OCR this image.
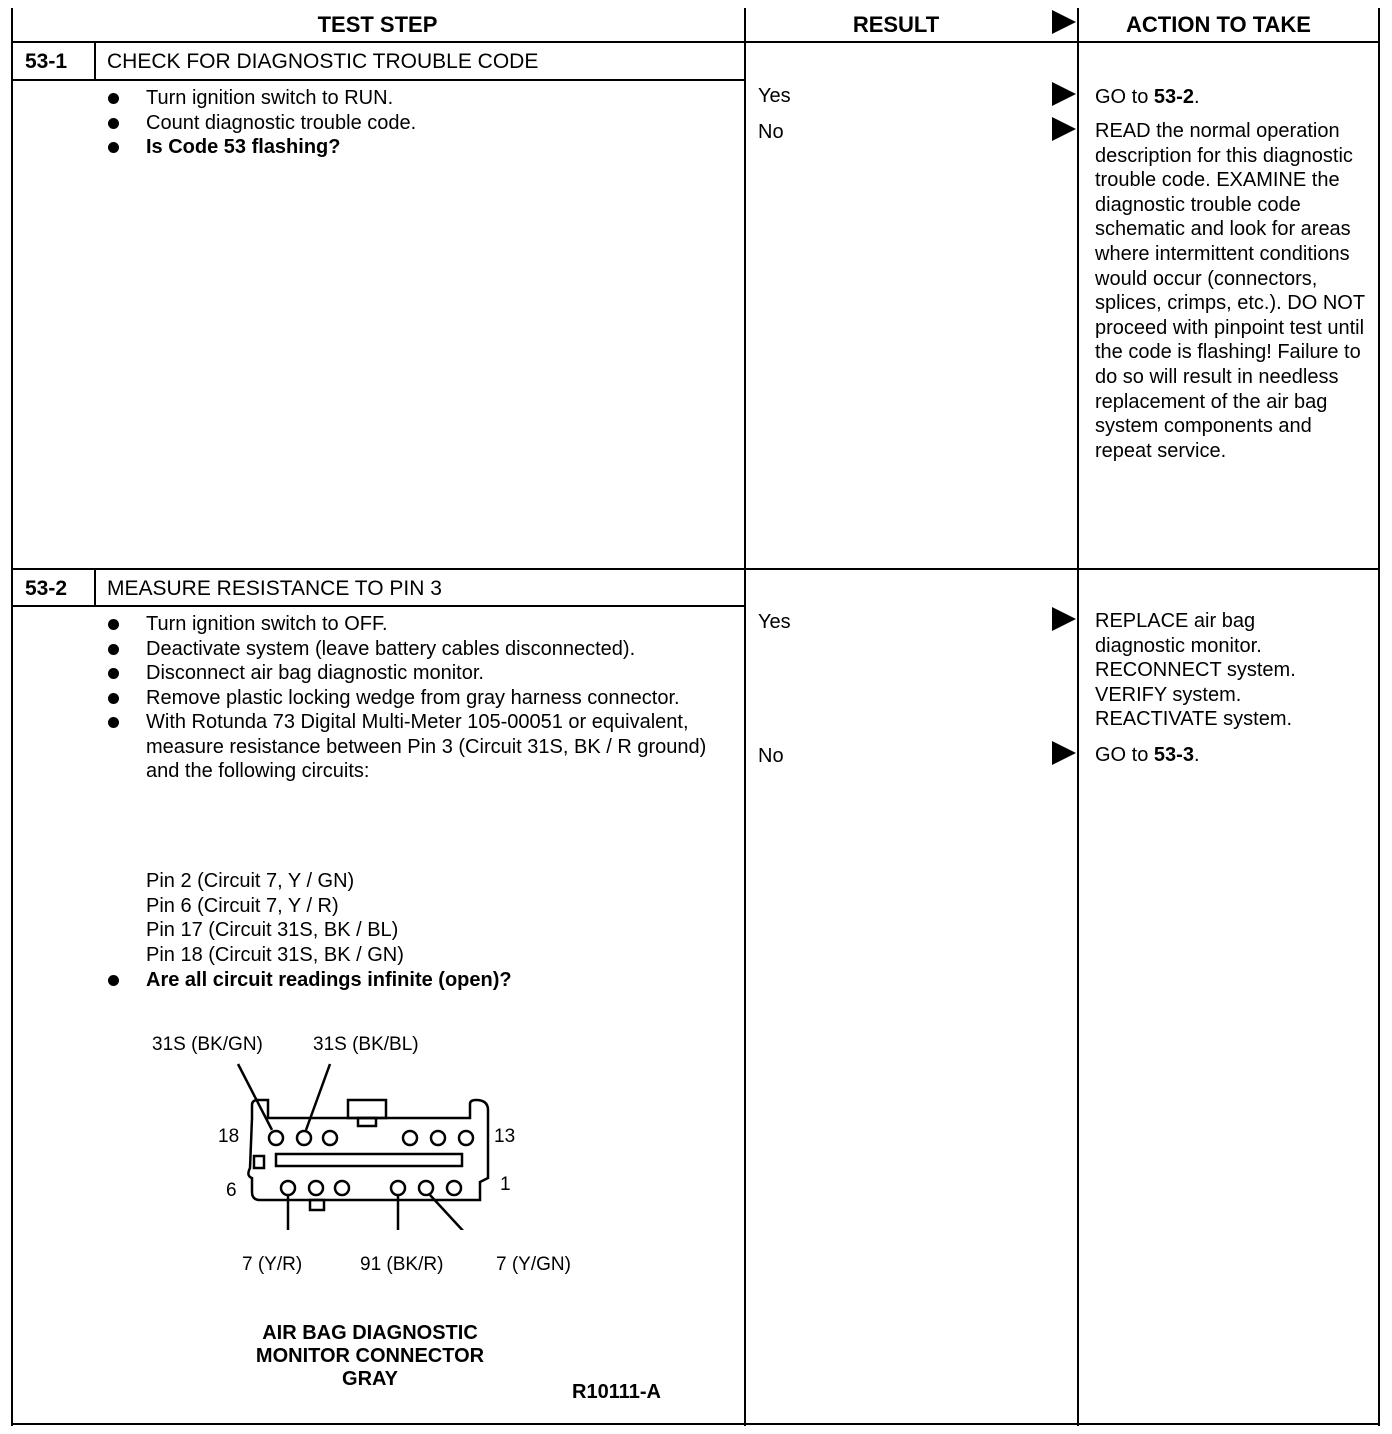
TEST STEP	RESULT	ACTION TO TAKE
53-1 CHECK FOR DIAGNOSTIC TROUBLE CODE
Turn ignition switch to RUN.
Count diagnostic trouble code.
Is Code 53 flashing?
Yes	GO to 53-2.
No	READ the normal operation description for this diagnostic trouble code. EXAMINE the diagnostic trouble code schematic and look for areas where intermittent conditions would occur (connectors, splices, crimps, etc.). DO NOT proceed with pinpoint test until the code is flashing! Failure to do so will result in needless replacement of the air bag system components and repeat service.
53-2 MEASURE RESISTANCE TO PIN 3
Turn ignition switch to OFF.
Deactivate system (leave battery cables disconnected).
Disconnect air bag diagnostic monitor.
Remove plastic locking wedge from gray harness connector.
With Rotunda 73 Digital Multi-Meter 105-00051 or equivalent, measure resistance between Pin 3 (Circuit 31S, BK / R ground) and the following circuits:
Pin 2 (Circuit 7, Y / GN)
Pin 6 (Circuit 7, Y / R)
Pin 17 (Circuit 31S, BK / BL)
Pin 18 (Circuit 31S, BK / GN)
Are all circuit readings infinite (open)?
Yes	REPLACE air bag diagnostic monitor. RECONNECT system. VERIFY system. REACTIVATE system.
No	GO to 53-3.
31S (BK/GN)	31S (BK/BL)
18	13
6	1
7 (Y/R)	91 (BK/R)	7 (Y/GN)
AIR BAG DIAGNOSTIC
MONITOR CONNECTOR
GRAY
R10111-A
